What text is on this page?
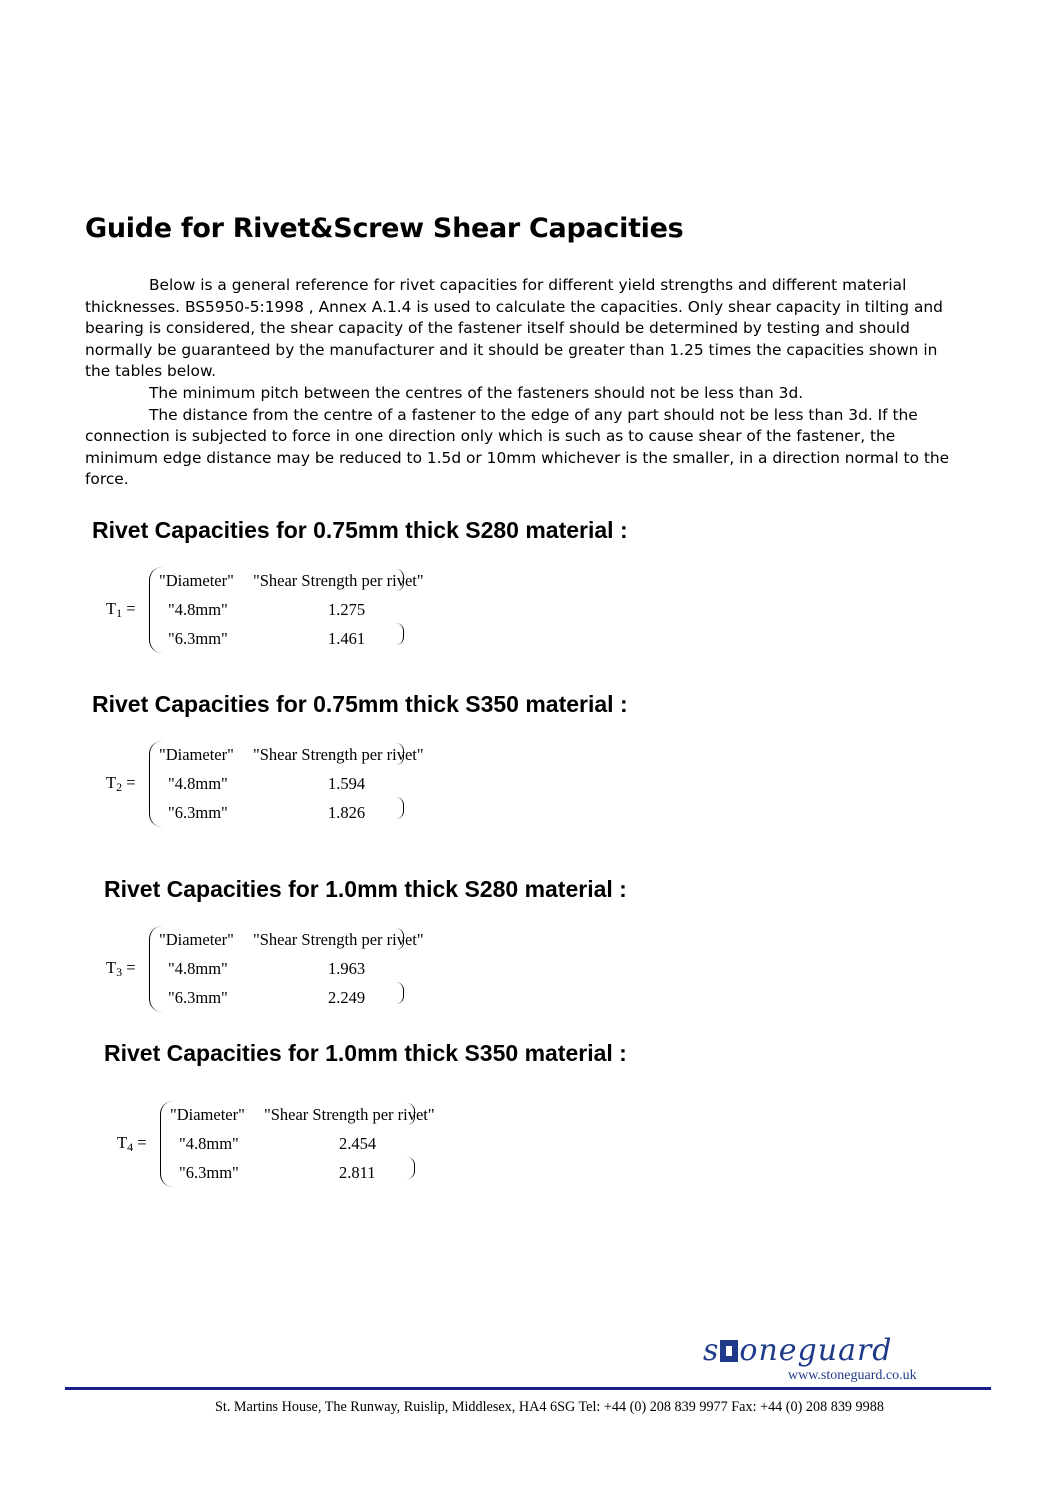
Guide for Rivet&Screw Shear Capacities

Below is a general reference for rivet capacities for different yield strengths and different material thicknesses. BS5950-5:1998 , Annex A.1.4 is used to calculate the capacities. Only shear capacity in tilting and bearing is considered, the shear capacity of the fastener itself should be determined by testing and should normally be guaranteed by the manufacturer and it should be greater than 1.25 times the capacities shown in the tables below.

The minimum pitch between the centres of the fasteners should not be less than 3d.

The distance from the centre of a fastener to the edge of any part should not be less than 3d. If the connection is subjected to force in one direction only which is such as to cause shear of the fastener, the minimum edge distance may be reduced to 1.5d or 10mm whichever is the smaller, in a direction normal to the force.

Rivet Capacities for 0.75mm thick S280 material :
$T_1$ =
"Diameter" "Shear Strength per rivet"
"4.8mm"	1.275
"6.3mm"	1.461
Rivet Capacities for 0.75mm thick S350 material :
$T_2$ =
"Diameter" "Shear Strength per rivet"
"4.8mm"	1.594
"6.3mm"	1.826
Rivet Capacities for 1.0mm thick S280 material :
$T_3$ =
"Diameter" "Shear Strength per rivet"
"4.8mm"	1.963
"6.3mm"	2.249
Rivet Capacities for 1.0mm thick S350 material :
$T_4$ =
"Diameter" "Shear Strength per rivet"
"4.8mm"	2.454
"6.3mm"	2.811
s oneguard
www.stoneguard.co.uk
St. Martins House, The Runway, Ruislip, Middlesex, HA4 6SG Tel: +44 (0) 208 839 9977 Fax: +44 (0) 208 839 9988
